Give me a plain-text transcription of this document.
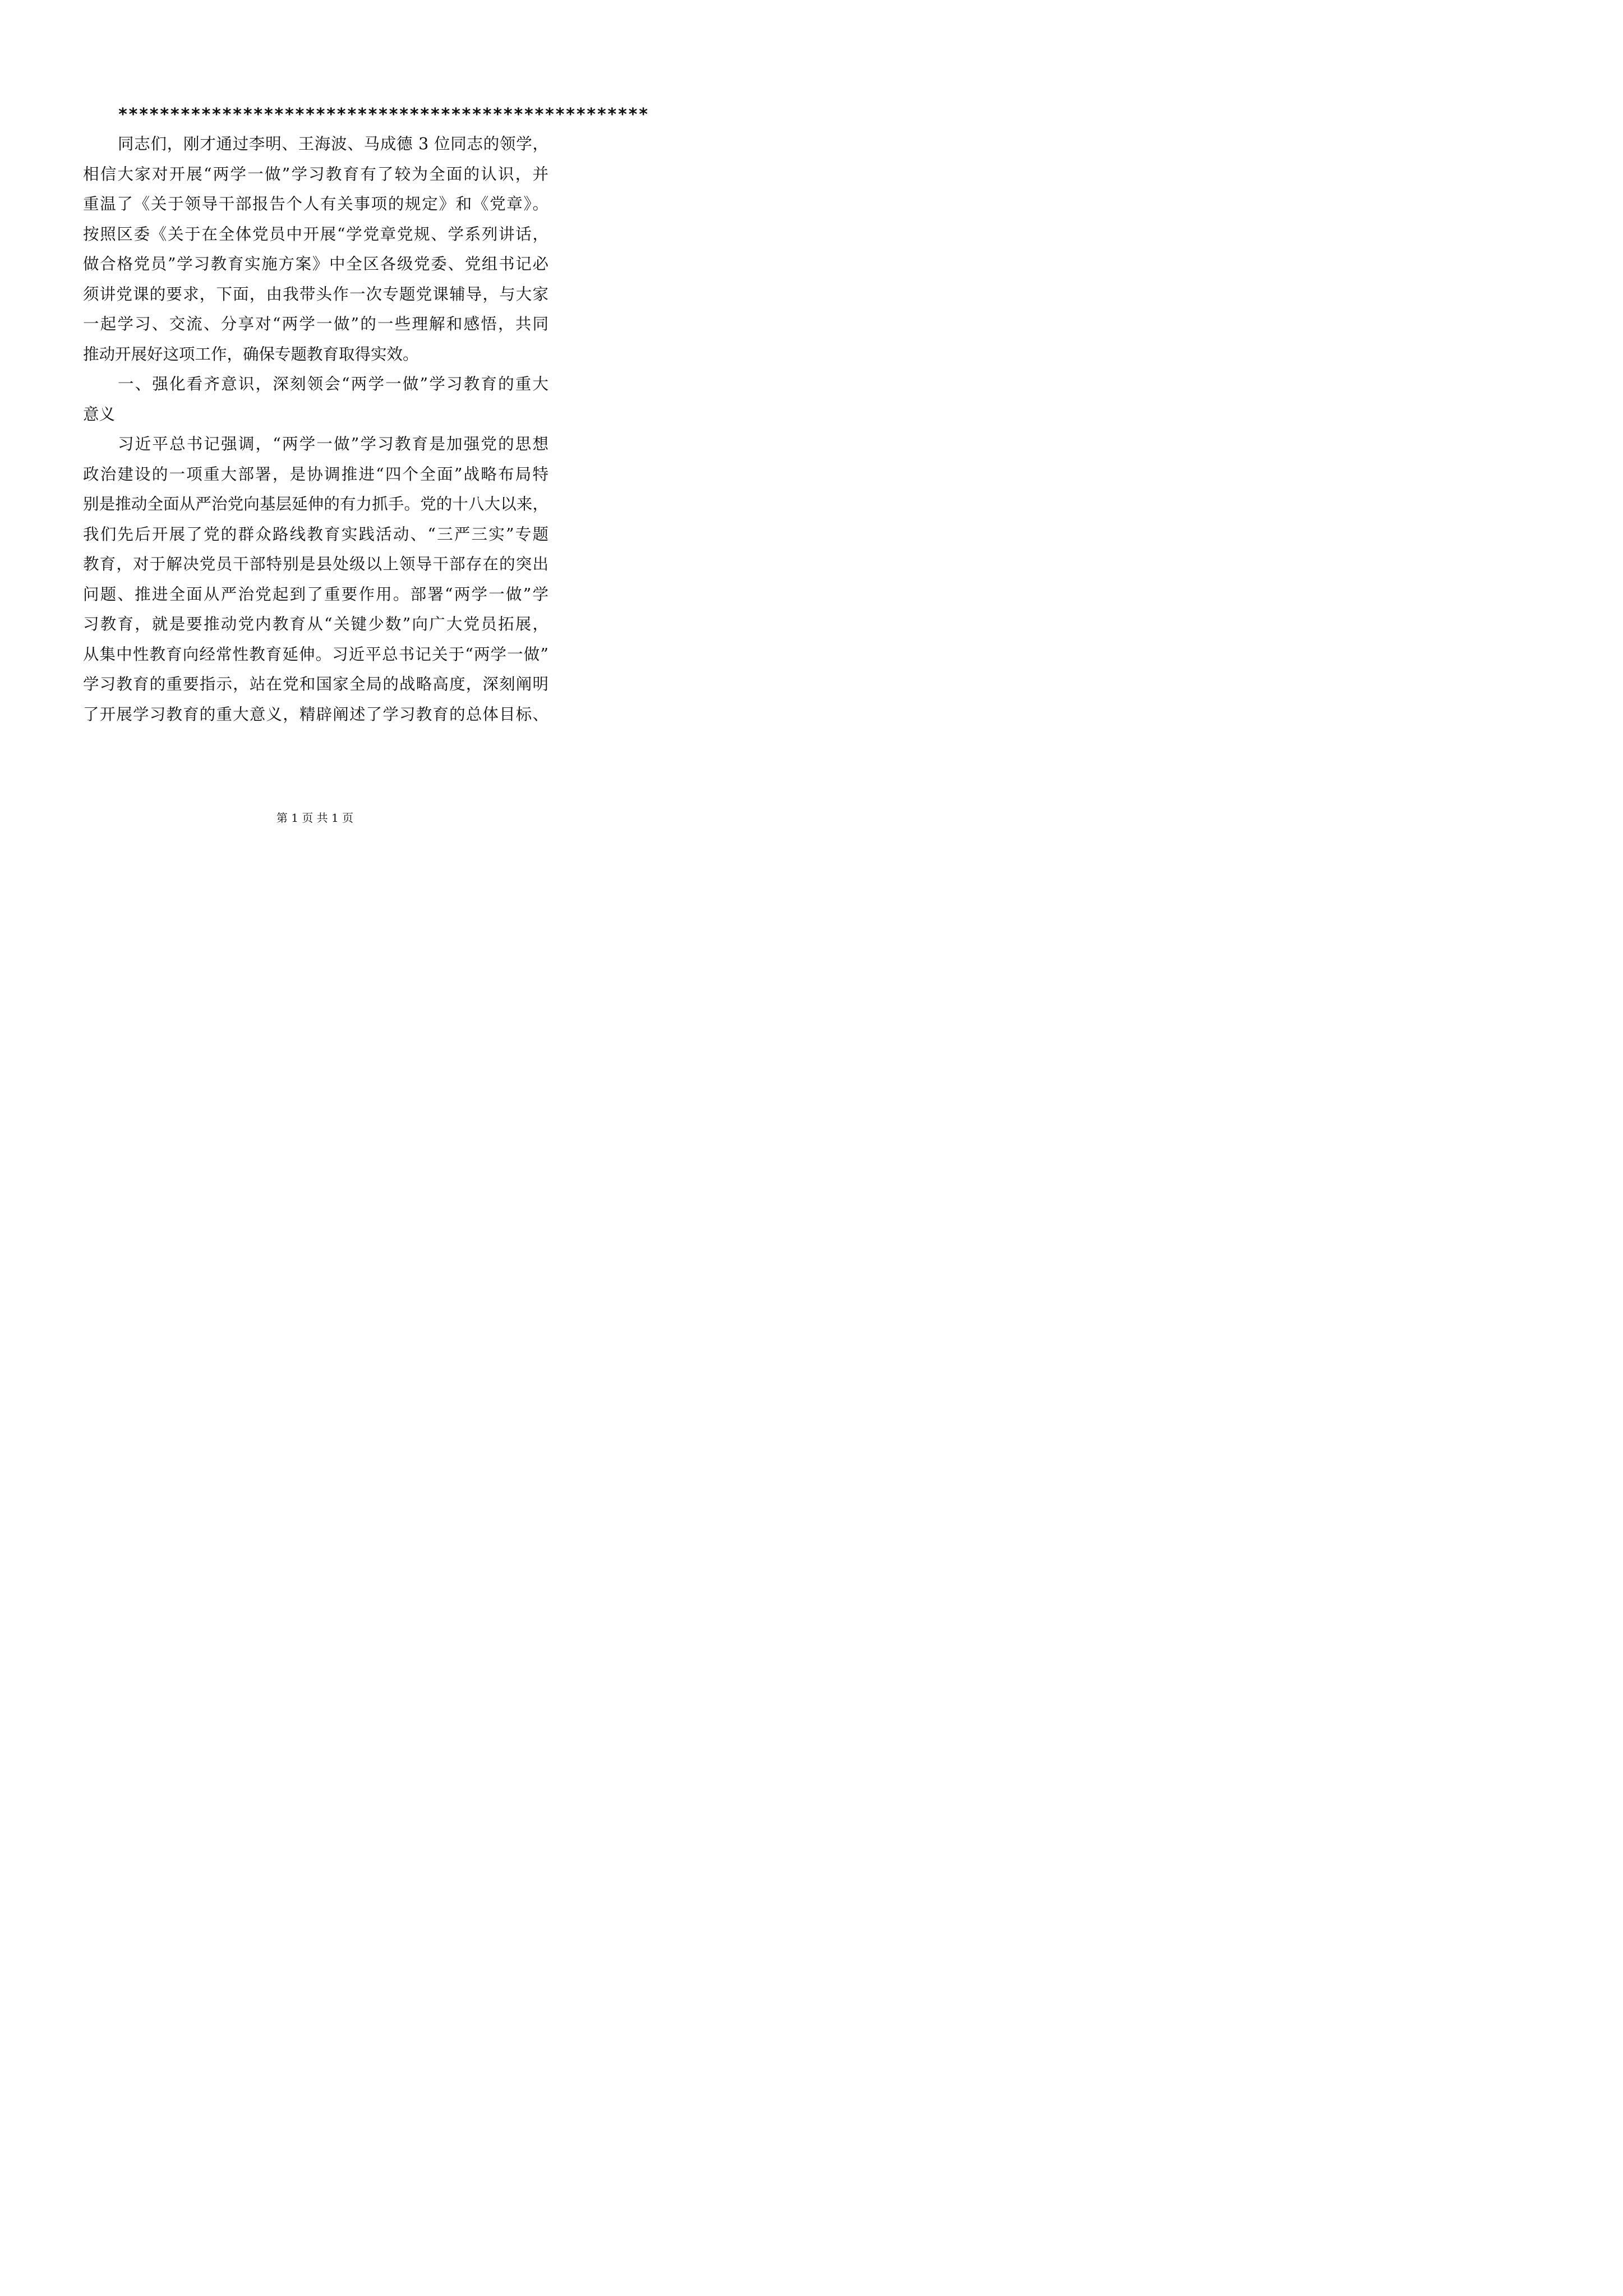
***************************************************
同志们，刚才通过李明、王海波、马成德 3 位同志的领学，
相信大家对开展“两学一做”学习教育有了较为全面的认识，并
重温了《关于领导干部报告个人有关事项的规定》和《党章》。
按照区委《关于在全体党员中开展“学党章党规、学系列讲话，
做合格党员”学习教育实施方案》中全区各级党委、党组书记必
须讲党课的要求，下面，由我带头作一次专题党课辅导，与大家
一起学习、交流、分享对“两学一做”的一些理解和感悟，共同
推动开展好这项工作，确保专题教育取得实效。
一、强化看齐意识，深刻领会“两学一做”学习教育的重大
意义
习近平总书记强调，“两学一做”学习教育是加强党的思想
政治建设的一项重大部署，是协调推进“四个全面”战略布局特
别是推动全面从严治党向基层延伸的有力抓手。党的十八大以来，
我们先后开展了党的群众路线教育实践活动、“三严三实”专题
教育，对于解决党员干部特别是县处级以上领导干部存在的突出
问题、推进全面从严治党起到了重要作用。部署“两学一做”学
习教育，就是要推动党内教育从“关键少数”向广大党员拓展，
从集中性教育向经常性教育延伸。习近平总书记关于“两学一做”
学习教育的重要指示，站在党和国家全局的战略高度，深刻阐明
了开展学习教育的重大意义，精辟阐述了学习教育的总体目标、
第 1 页 共 1 页
